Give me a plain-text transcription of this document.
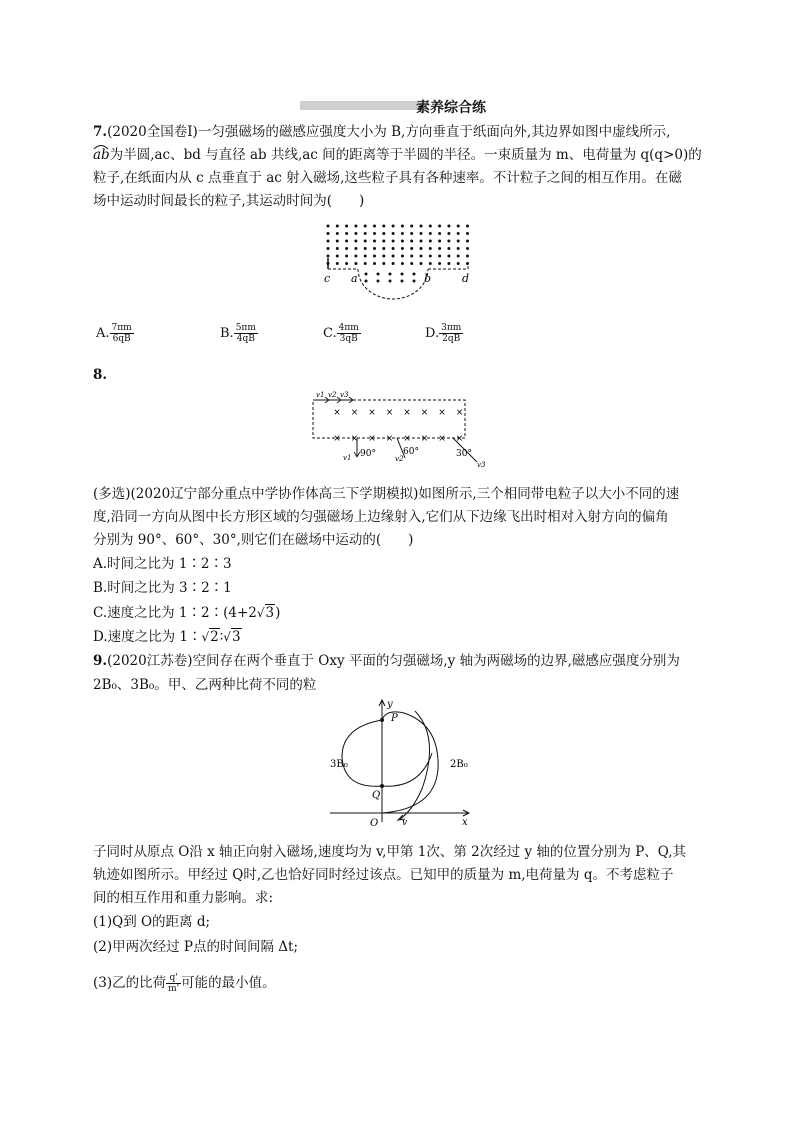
素养综合练
7.(2020全国卷Ⅰ)一匀强磁场的磁感应强度大小为 B,方向垂直于纸面向外,其边界如图中虚线所示,
ab为半圆,ac、bd 与直径 ab 共线,ac 间的距离等于半圆的半径。一束质量为 m、电荷量为 q(q>0)的
粒子,在纸面内从 c 点垂直于 ac 射入磁场,这些粒子具有各种速率。不计粒子之间的相互作用。在磁
场中运动时间最长的粒子,其运动时间为(　　)
c a	b	d
A. $\frac{7\pi m}{6qB}$	B. $\frac{5\pi m}{4qB}$	C. $\frac{4\pi m}{3qB}$	D. $\frac{3\pi m}{2qB}$
8.
× × × × × × × ×
× × × × × × × ×
v1 v2 v3
v1 90°	v2
60°
v3
30°
(多选)(2020辽宁部分重点中学协作体高三下学期模拟)如图所示,三个相同带电粒子以大小不同的速
度,沿同一方向从图中长方形区域的匀强磁场上边缘射入,它们从下边缘飞出时相对入射方向的偏角
分别为 90°、60°、30°,则它们在磁场中运动的(　　)
A.时间之比为 1∶2∶3
B.时间之比为 3∶2∶1
C.速度之比为 1∶2∶(4+2√3)
D.速度之比为 1∶√2∶√3
9.(2020江苏卷)空间存在两个垂直于 Oxy 平面的匀强磁场,y 轴为两磁场的边界,磁感应强度分别为
2B₀、3B₀。甲、乙两种比荷不同的粒
y
x
O
P
Q
v
3B₀	2B₀
子同时从原点 O沿 x 轴正向射入磁场,速度均为 v,甲第 1次、第 2次经过 y 轴的位置分别为 P、Q,其
轨迹如图所示。甲经过 Q时,乙也恰好同时经过该点。已知甲的质量为 m,电荷量为 q。不考虑粒子
间的相互作用和重力影响。求:
(1)Q到 O的距离 d;
(2)甲两次经过 P点的时间间隔 Δt;
(3)乙的比荷 $\frac{q'}{m'}$ 可能的最小值。
